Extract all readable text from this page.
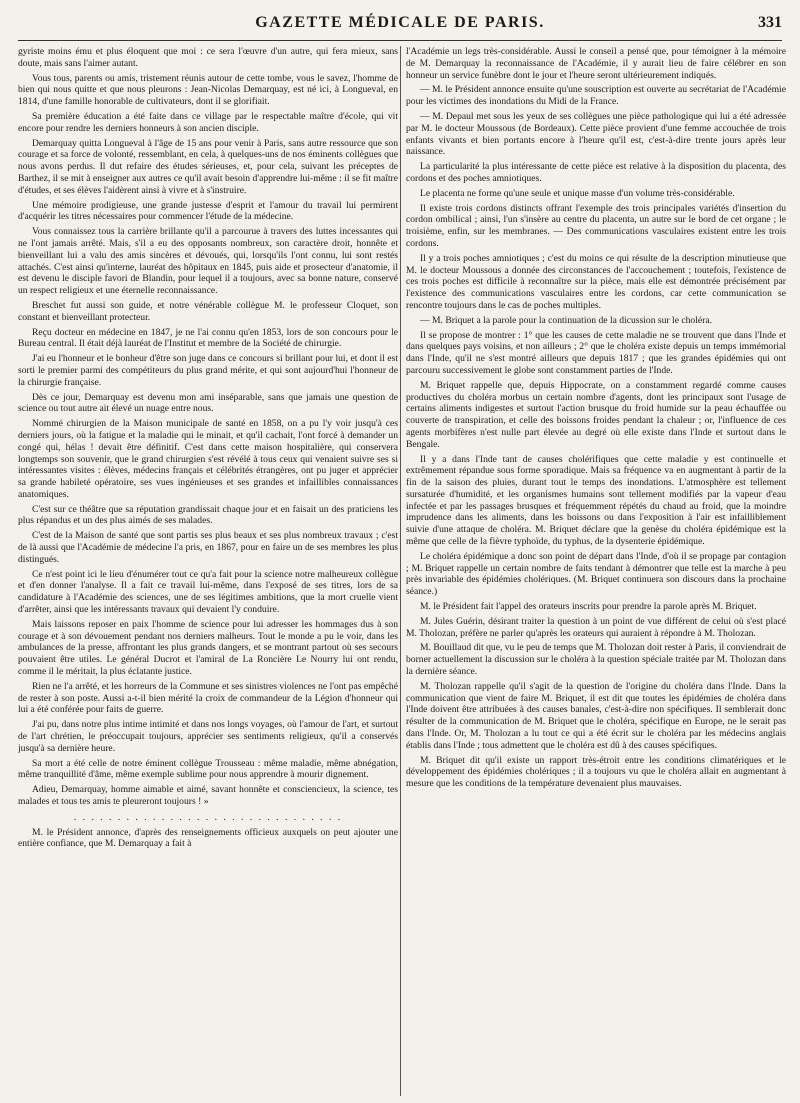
GAZETTE MÉDICALE DE PARIS.	331

gyriste moins ému et plus éloquent que moi : ce sera l'œuvre d'un autre, qui fera mieux, sans doute, mais sans l'aimer autant.

Vous tous, parents ou amis, tristement réunis autour de cette tombe, vous le savez, l'homme de bien qui nous quitte et que nous pleurons : Jean-Nicolas Demarquay, est né ici, à Longueval, en 1814, d'une famille honorable de cultivateurs, dont il se glorifiait.

Sa première éducation a été faite dans ce village par le respectable maître d'école, qui vit encore pour rendre les derniers honneurs à son ancien disciple.

Demarquay quitta Longueval à l'âge de 15 ans pour venir à Paris, sans autre ressource que son courage et sa force de volonté, ressemblant, en cela, à quelques-uns de nos éminents collègues que nous avons perdus. Il dut refaire des études sérieuses, et, pour cela, suivant les préceptes de Barthez, il se mit à enseigner aux autres ce qu'il avait besoin d'apprendre lui-même : il se fit maître d'études, et ses élèves l'aidèrent ainsi à vivre et à s'instruire.

Une mémoire prodigieuse, une grande justesse d'esprit et l'amour du travail lui permirent d'acquérir les titres nécessaires pour commencer l'étude de la médecine.

Vous connaissez tous la carrière brillante qu'il a parcourue à travers des luttes incessantes qui ne l'ont jamais arrêté. Mais, s'il a eu des opposants nombreux, son caractère droit, honnête et bienveillant lui a valu des amis sincères et dévoués, qui, lorsqu'ils l'ont connu, lui sont restés attachés. C'est ainsi qu'interne, lauréat des hôpitaux en 1845, puis aide et prosecteur d'anatomie, il est devenu le disciple favori de Blandin, pour lequel il a toujours, avec sa bonne nature, conservé un respect religieux et une éternelle reconnaissance.

Breschet fut aussi son guide, et notre vénérable collègue M. le professeur Cloquet, son constant et bienveillant protecteur.

Reçu docteur en médecine en 1847, je ne l'ai connu qu'en 1853, lors de son concours pour le Bureau central. Il était déjà lauréat de l'Institut et membre de la Société de chirurgie.

J'ai eu l'honneur et le bonheur d'être son juge dans ce concours si brillant pour lui, et dont il est sorti le premier parmi des compétiteurs du plus grand mérite, et qui sont aujourd'hui l'honneur de la chirurgie française.

Dès ce jour, Demarquay est devenu mon ami inséparable, sans que jamais une question de science ou tout autre ait élevé un nuage entre nous.

Nommé chirurgien de la Maison municipale de santé en 1858, on a pu l'y voir jusqu'à ces derniers jours, où la fatigue et la maladie qui le minait, et qu'il cachait, l'ont forcé à demander un congé qui, hélas ! devait être définitif. C'est dans cette maison hospitalière, qui conservera longtemps son souvenir, que le grand chirurgien s'est révélé à tous ceux qui venaient suivre ses si intéressantes visites : élèves, médecins français et célébrités étrangères, ont pu juger et apprécier sa grande habileté opératoire, ses vues ingénieuses et ses grandes et infaillibles connaissances anatomiques.

C'est sur ce théâtre que sa réputation grandissait chaque jour et en faisait un des praticiens les plus répandus et un des plus aimés de ses malades.

C'est de la Maison de santé que sont partis ses plus beaux et ses plus nombreux travaux ; c'est de là aussi que l'Académie de médecine l'a pris, en 1867, pour en faire un de ses membres les plus distingués.

Ce n'est point ici le lieu d'énumérer tout ce qu'a fait pour la science notre malheureux collègue et d'en donner l'analyse. Il a fait ce travail lui-même, dans l'exposé de ses titres, lors de sa candidature à l'Académie des sciences, une de ses légitimes ambitions, que la mort cruelle vient d'arrêter, ainsi que les intéressants travaux qui devaient l'y conduire.

Mais laissons reposer en paix l'homme de science pour lui adresser les hommages dus à son courage et à son dévouement pendant nos derniers malheurs. Tout le monde a pu le voir, dans les ambulances de la presse, affrontant les plus grands dangers, et se montrant partout où ses secours pouvaient être utiles. Le général Ducrot et l'amiral de La Roncière Le Nourry lui ont rendu, comme il le méritait, la plus éclatante justice.

Rien ne l'a arrêté, et les horreurs de la Commune et ses sinistres violences ne l'ont pas empêché de rester à son poste. Aussi a-t-il bien mérité la croix de commandeur de la Légion d'honneur qui lui a été conférée pour faits de guerre.

J'ai pu, dans notre plus intime intimité et dans nos longs voyages, où l'amour de l'art, et surtout de l'art chrétien, le préoccupait toujours, apprécier ses sentiments religieux, qu'il a conservés jusqu'à sa dernière heure.

Sa mort a été celle de notre éminent collègue Trousseau : même maladie, même abnégation, même tranquillité d'âme, même exemple sublime pour nous apprendre à mourir dignement.

Adieu, Demarquay, homme aimable et aimé, savant honnête et consciencieux, la science, tes malades et tous tes amis te pleureront toujours ! »

. . . . . . . . . . . . . . . . . . . . . . . . . . . . . . .

M. le Président annonce, d'après des renseignements officieux auxquels on peut ajouter une entière confiance, que M. Demarquay a fait à

l'Académie un legs très-considérable. Aussi le conseil a pensé que, pour témoigner à la mémoire de M. Demarquay la reconnaissance de l'Académie, il y aurait lieu de faire célébrer en son honneur un service funèbre dont le jour et l'heure seront ultérieurement indiqués.

— M. le Président annonce ensuite qu'une souscription est ouverte au secrétariat de l'Académie pour les victimes des inondations du Midi de la France.

— M. Depaul met sous les yeux de ses collègues une pièce pathologique qui lui a été adressée par M. le docteur Moussous (de Bordeaux). Cette pièce provient d'une femme accouchée de trois enfants vivants et bien portants encore à l'heure qu'il est, c'est-à-dire trente jours après leur naissance.

La particularité la plus intéressante de cette pièce est relative à la disposition du placenta, des cordons et des poches amniotiques.

Le placenta ne forme qu'une seule et unique masse d'un volume très-considérable.

Il existe trois cordons distincts offrant l'exemple des trois principales variétés d'insertion du cordon ombilical ; ainsi, l'un s'insère au centre du placenta, un autre sur le bord de cet organe ; le troisième, enfin, sur les membranes. — Des communications vasculaires existent entre les trois cordons.

Il y a trois poches amniotiques ; c'est du moins ce qui résulte de la description minutieuse que M. le docteur Moussous a donnée des circonstances de l'accouchement ; toutefois, l'existence de ces trois poches est difficile à reconnaître sur la pièce, mais elle est démontrée précisément par l'existence des communications vasculaires entre les cordons, car cette communication se rencontre toujours dans le cas de poches multiples.

— M. Briquet a la parole pour la continuation de la dicussion sur le choléra.

Il se propose de montrer : 1° que les causes de cette maladie ne se trouvent que dans l'Inde et dans quelques pays voisins, et non ailleurs ; 2° que le choléra existe depuis un temps immémorial dans l'Inde, qu'il ne s'est montré ailleurs que depuis 1817 ; que les grandes épidémies qui ont parcouru successivement le globe sont constamment parties de l'Inde.

M. Briquet rappelle que, depuis Hippocrate, on a constamment regardé comme causes productives du choléra morbus un certain nombre d'agents, dont les principaux sont l'usage de certains aliments indigestes et surtout l'action brusque du froid humide sur la peau échauffée ou couverte de transpiration, et celle des boissons froides pendant la chaleur ; or, l'influence de ces agents morbifères n'est nulle part élevée au degré où elle existe dans l'Inde et surtout dans le Bengale.

Il y a dans l'Inde tant de causes cholérifiques que cette maladie y est continuelle et extrêmement répandue sous forme sporadique. Mais sa fréquence va en augmentant à partir de la fin de la saison des pluies, durant tout le temps des inondations. L'atmosphère est tellement sursaturée d'humidité, et les organismes humains sont tellement modifiés par la vapeur d'eau infectée et par les passages brusques et fréquemment répétés du chaud au froid, que la moindre imprudence dans les aliments, dans les boissons ou dans l'exposition à l'air est infailliblement suivie d'une attaque de choléra. M. Briquet déclare que la genèse du choléra épidémique est la même que celle de la fièvre typhoïde, du typhus, de la dysenterie épidémique.

Le choléra épidémique a donc son point de départ dans l'Inde, d'où il se propage par contagion ; M. Briquet rappelle un certain nombre de faits tendant à démontrer que telle est la marche à peu près invariable des épidémies cholériques. (M. Briquet continuera son discours dans la prochaine séance.)

M. le Président fait l'appel des orateurs inscrits pour prendre la parole après M. Briquet.

M. Jules Guérin, désirant traiter la question à un point de vue différent de celui où s'est placé M. Tholozan, préfère ne parler qu'après les orateurs qui auraient à répondre à M. Tholozan.

M. Bouillaud dit que, vu le peu de temps que M. Tholozan doit rester à Paris, il conviendrait de borner actuellement la discussion sur le choléra à la question spéciale traitée par M. Tholozan dans la dernière séance.

M. Tholozan rappelle qu'il s'agit de la question de l'origine du choléra dans l'Inde. Dans la communication que vient de faire M. Briquet, il est dit que toutes les épidémies de choléra dans l'Inde doivent être attribuées à des causes banales, c'est-à-dire non spécifiques. Il semblerait donc résulter de la communication de M. Briquet que le choléra, spécifique en Europe, ne le serait pas dans l'Inde. Or, M. Tholozan a lu tout ce qui a été écrit sur le choléra par les médecins anglais établis dans l'Inde ; tous admettent que le choléra est dû à des causes spécifiques.

M. Briquet dit qu'il existe un rapport très-étroit entre les conditions climatériques et le développement des épidémies cholériques ; il a toujours vu que le choléra allait en augmentant à mesure que les conditions de la température devenaient plus mauvaises.
